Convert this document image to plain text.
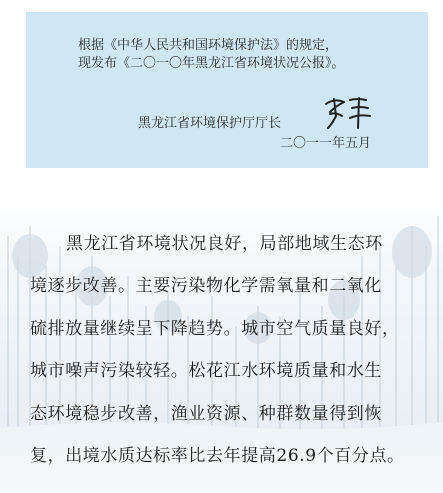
根据《中华人民共和国环境保护法》的规定，
现发布《二〇一〇年黑龙江省环境状况公报》。
黑龙江省环境保护厅厅长
二〇一一年五月
黑龙江省环境状况良好，局部地域生态环
境逐步改善。主要污染物化学需氧量和二氧化
硫排放量继续呈下降趋势。城市空气质量良好，
城市噪声污染较轻。松花江水环境质量和水生
态环境稳步改善，渔业资源、种群数量得到恢
复，出境水质达标率比去年提高26.9个百分点。
